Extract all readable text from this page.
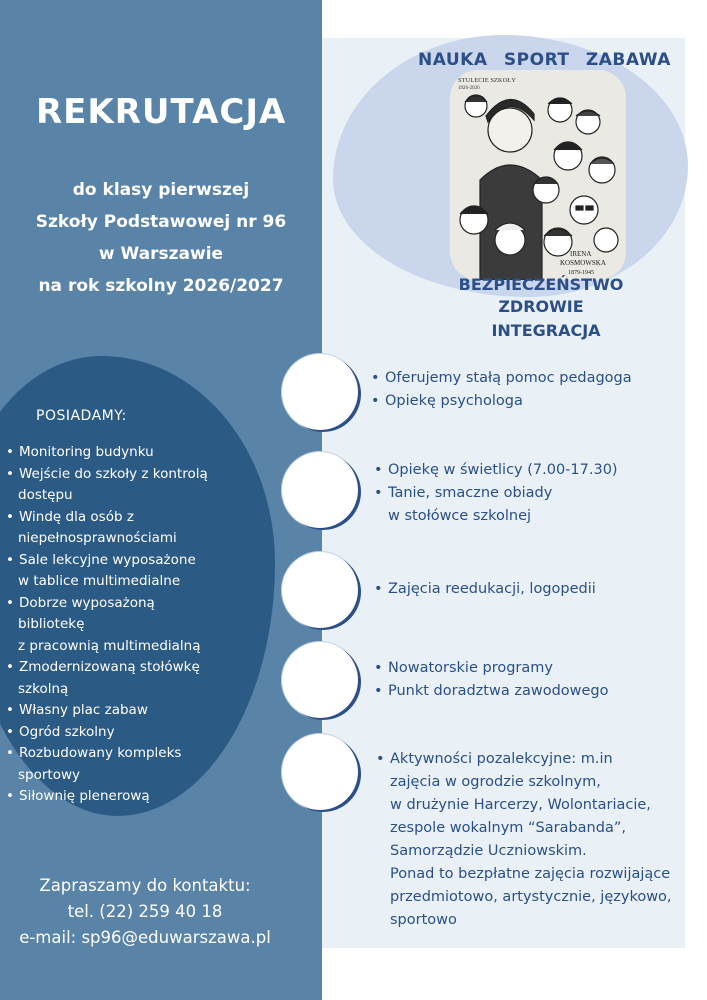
REKRUTACJA
do klasy pierwszej
Szkoły Podstawowej nr 96
w Warszawie
na rok szkolny 2026/2027
NAUKA SPORT ZABAWA
STULECIE SZKOŁY
1926-2026
IRENA
KOSMOWSKA
1879-1945
BEZPIECZEŃSTWO
ZDROWIE
INTEGRACJA
POSIADAMY:
• Monitoring budynku
• Wejście do szkoły z kontrolą
dostępu
• Windę dla osób z
niepełnosprawnościami
• Sale lekcyjne wyposażone
w tablice multimedialne
• Dobrze wyposażoną
bibliotekę
z pracownią multimedialną
• Zmodernizowaną stołówkę
szkolną
• Własny plac zabaw
• Ogród szkolny
• Rozbudowany kompleks
sportowy
• Siłownię plenerową
• Oferujemy stałą pomoc pedagoga
• Opiekę psychologa
• Opiekę w świetlicy (7.00-17.30)
• Tanie, smaczne obiady
w stołówce szkolnej
• Zajęcia reedukacji, logopedii
• Nowatorskie programy
• Punkt doradztwa zawodowego
• Aktywności pozalekcyjne: m.in
zajęcia w ogrodzie szkolnym,
w drużynie Harcerzy, Wolontariacie,
zespole wokalnym “Sarabanda”,
Samorządzie Uczniowskim.
Ponad to bezpłatne zajęcia rozwijające
przedmiotowo, artystycznie, językowo,
sportowo
Zapraszamy do kontaktu:
tel. (22) 259 40 18
e-mail: sp96@eduwarszawa.pl
